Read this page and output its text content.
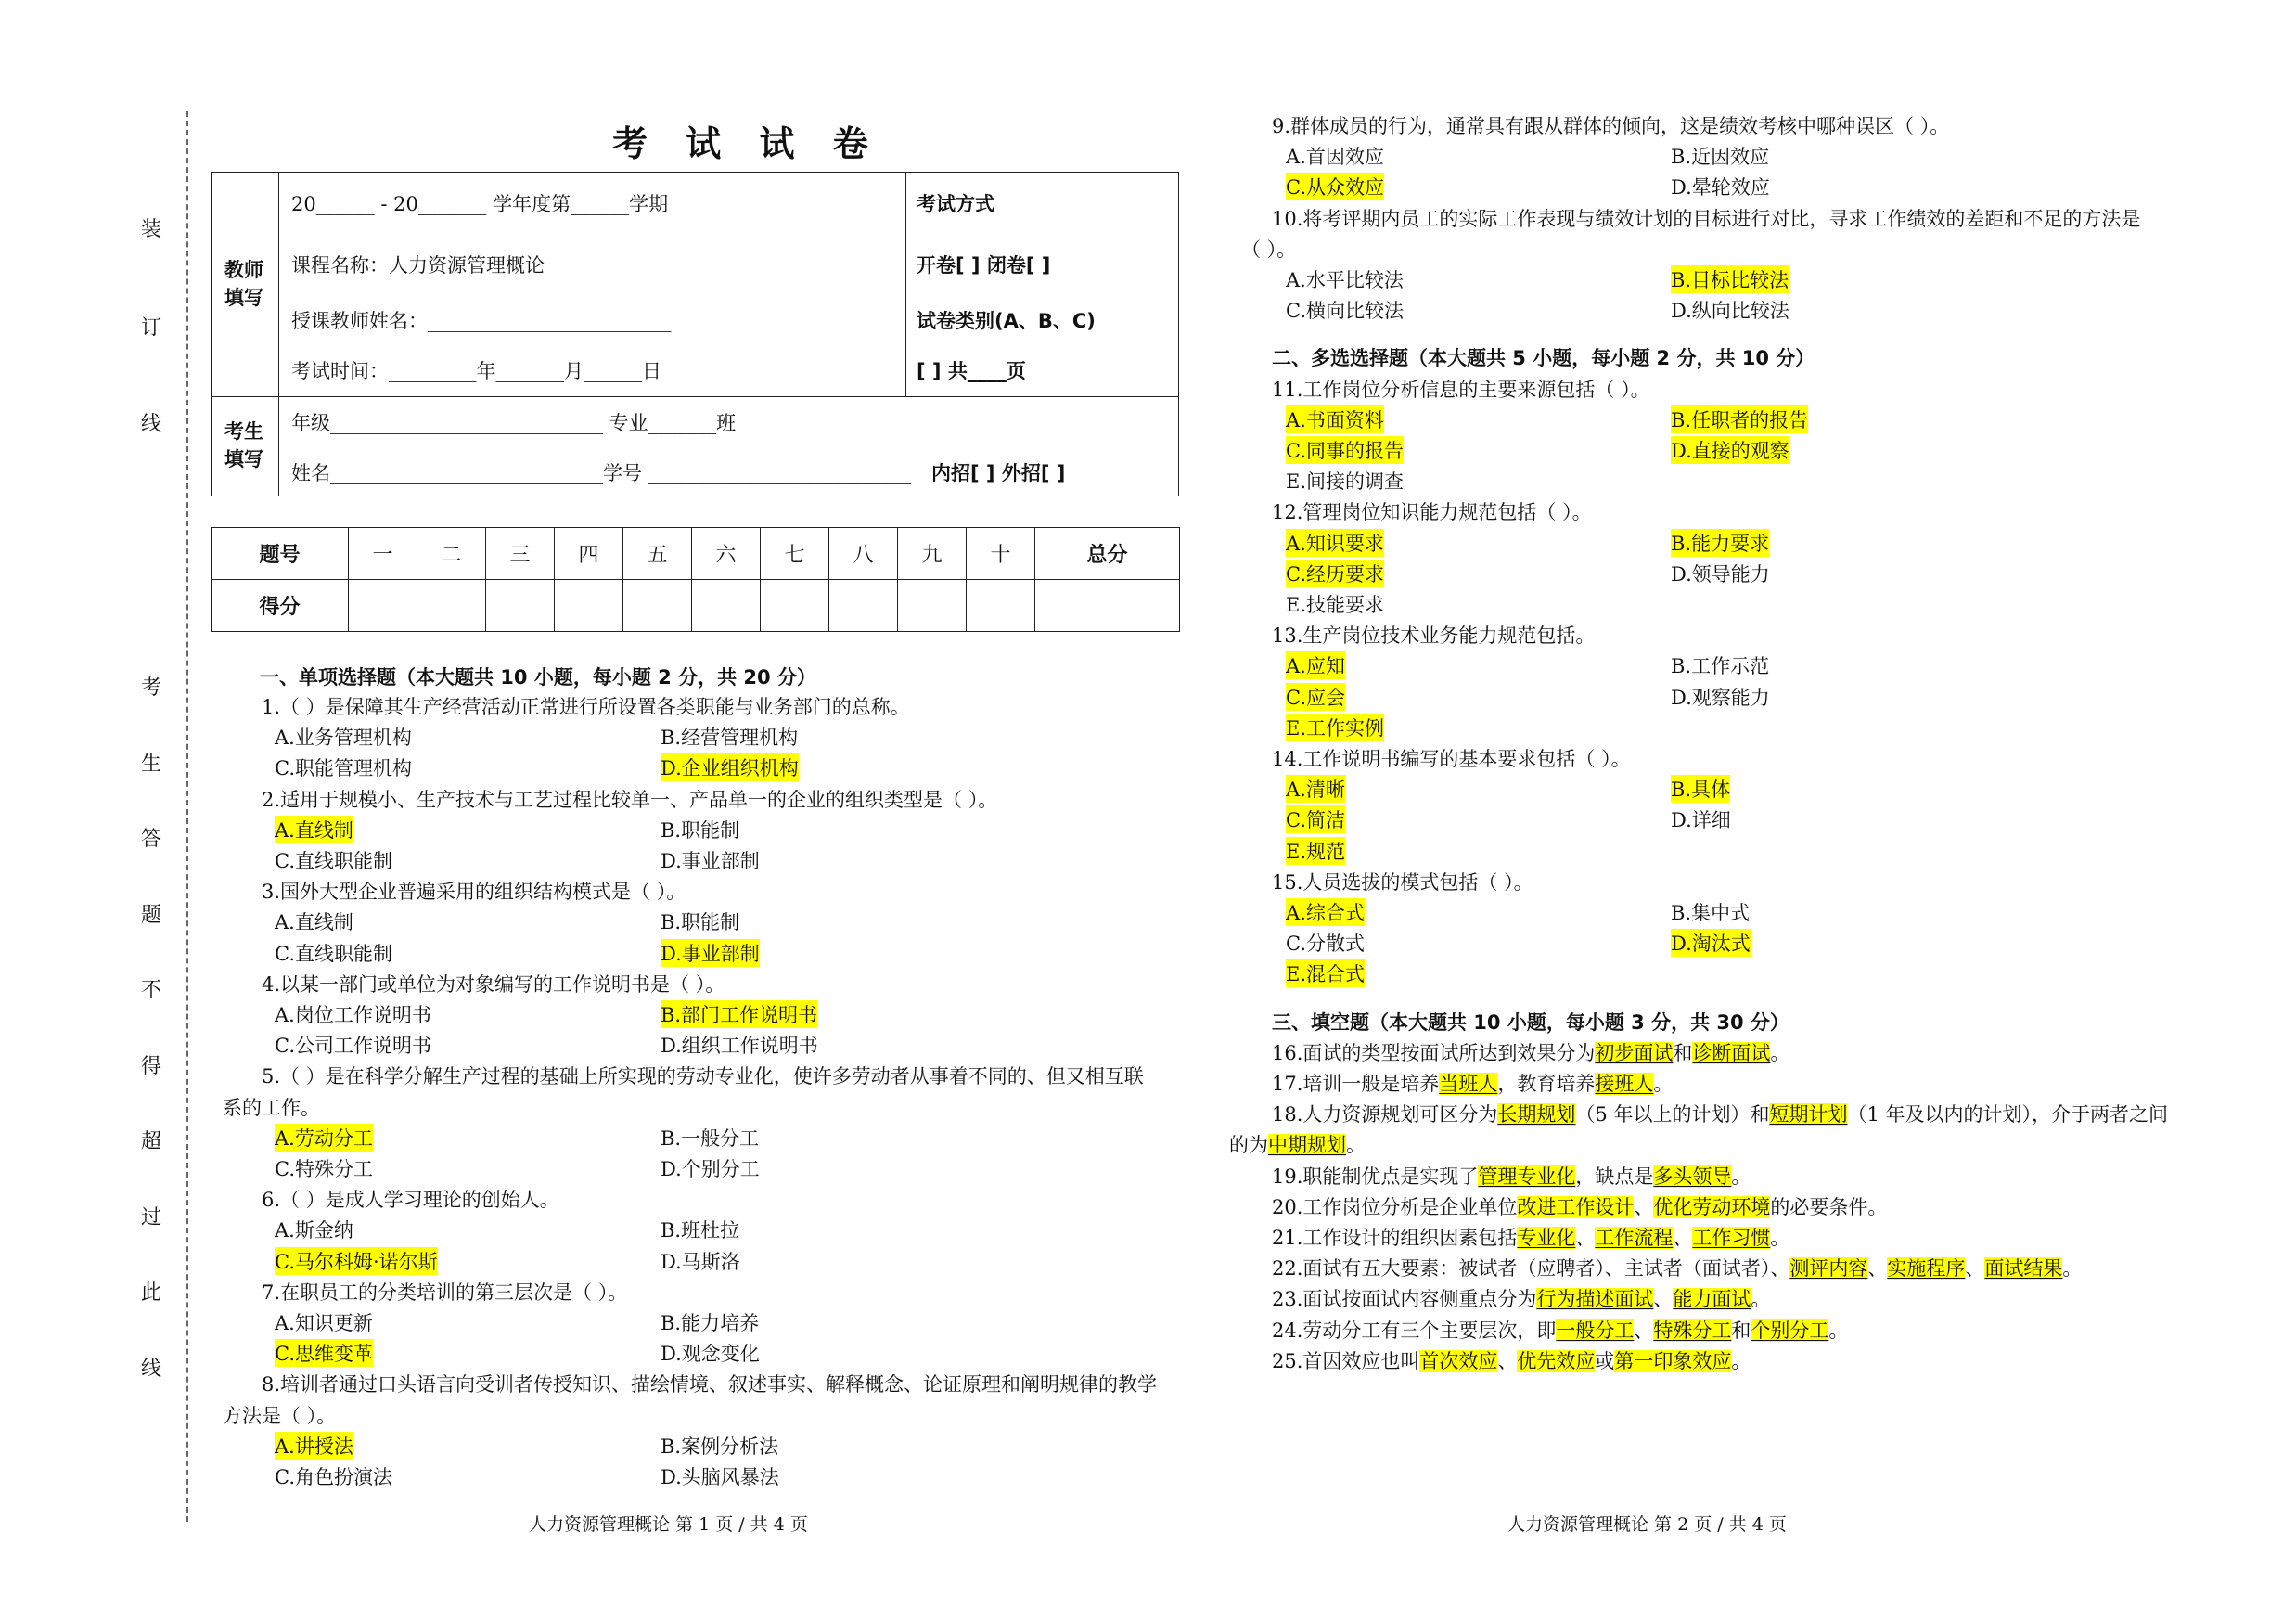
装
订
线
考
生
答
题
不
得
超
过
此
线
考 试 试 卷
教师
填写
20______ - 20_______ 学年度第______学期
课程名称：人力资源管理概论
授课教师姓名：_________________________
考试时间：_________年_______月______日
考试方式
开卷[ ] 闭卷[ ]
试卷类别(A、B、C)
[ ] 共____页
考生
填写
年级____________________________ 专业_______班
姓名____________________________学号 ___________________________ 内招[ ] 外招[ ]
题号	一	二	三	四	五	六	七	八	九	十	总分
得分											
一、单项选择题（本大题共 10 小题，每小题 2 分，共 20 分）
1.（ ）是保障其生产经营活动正常进行所设置各类职能与业务部门的总称。
A.业务管理机构	B.经营管理机构
C.职能管理机构	D.企业组织机构
2.适用于规模小、生产技术与工艺过程比较单一、产品单一的企业的组织类型是（ ）。
A.直线制	B.职能制
C.直线职能制	D.事业部制
3.国外大型企业普遍采用的组织结构模式是（ ）。
A.直线制	B.职能制
C.直线职能制	D.事业部制
4.以某一部门或单位为对象编写的工作说明书是（ ）。
A.岗位工作说明书	B.部门工作说明书
C.公司工作说明书	D.组织工作说明书
5.（ ）是在科学分解生产过程的基础上所实现的劳动专业化，使许多劳动者从事着不同的、但又相互联
系的工作。
A.劳动分工	B.一般分工
C.特殊分工	D.个别分工
6.（ ）是成人学习理论的创始人。
A.斯金纳	B.班杜拉
C.马尔科姆·诺尔斯	D.马斯洛
7.在职员工的分类培训的第三层次是（ ）。
A.知识更新	B.能力培养
C.思维变革	D.观念变化
8.培训者通过口头语言向受训者传授知识、描绘情境、叙述事实、解释概念、论证原理和阐明规律的教学
方法是（ ）。
A.讲授法	B.案例分析法
C.角色扮演法	D.头脑风暴法
9.群体成员的行为，通常具有跟从群体的倾向，这是绩效考核中哪种误区（ ）。
A.首因效应	B.近因效应
C.从众效应	D.晕轮效应
10.将考评期内员工的实际工作表现与绩效计划的目标进行对比，寻求工作绩效的差距和不足的方法是
（ ）。
A.水平比较法	B.目标比较法
C.横向比较法	D.纵向比较法
二、多选选择题（本大题共 5 小题，每小题 2 分，共 10 分）
11.工作岗位分析信息的主要来源包括（ ）。
A.书面资料	B.任职者的报告
C.同事的报告	D.直接的观察
E.间接的调查
12.管理岗位知识能力规范包括（ ）。
A.知识要求	B.能力要求
C.经历要求	D.领导能力
E.技能要求
13.生产岗位技术业务能力规范包括。
A.应知	B.工作示范
C.应会	D.观察能力
E.工作实例
14.工作说明书编写的基本要求包括（ ）。
A.清晰	B.具体
C.简洁	D.详细
E.规范
15.人员选拔的模式包括（ ）。
A.综合式	B.集中式
C.分散式	D.淘汰式
E.混合式
三、填空题（本大题共 10 小题，每小题 3 分，共 30 分）
16.面试的类型按面试所达到效果分为初步面试和诊断面试。
17.培训一般是培养当班人，教育培养接班人。
18.人力资源规划可区分为长期规划（5 年以上的计划）和短期计划（1 年及以内的计划），介于两者之间
的为中期规划。
19.职能制优点是实现了管理专业化，缺点是多头领导。
20.工作岗位分析是企业单位改进工作设计、优化劳动环境的必要条件。
21.工作设计的组织因素包括专业化、工作流程、工作习惯。
22.面试有五大要素：被试者（应聘者）、主试者（面试者）、测评内容、实施程序、面试结果。
23.面试按面试内容侧重点分为行为描述面试、能力面试。
24.劳动分工有三个主要层次，即一般分工、特殊分工和个别分工。
25.首因效应也叫首次效应、优先效应或第一印象效应。
人力资源管理概论 第 1 页 / 共 4 页	人力资源管理概论 第 2 页 / 共 4 页
